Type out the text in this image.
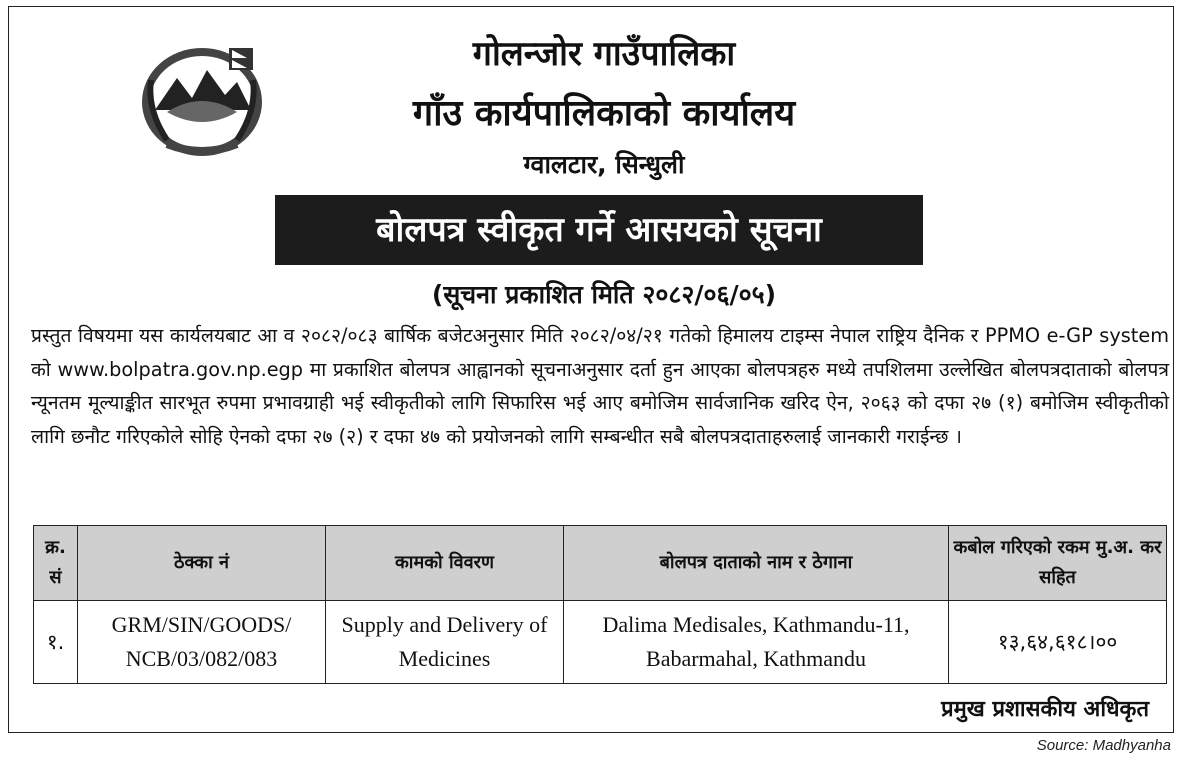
गोलन्जोर गाउँपालिका
गाँउ कार्यपालिकाको कार्यालय
ग्वालटार, सिन्धुली
बोलपत्र स्वीकृत गर्ने आसयको सूचना
(सूचना प्रकाशित मिति २०८२/०६/०५)
प्रस्तुत विषयमा यस कार्यलयबाट आ व २०८२/०८३ बार्षिक बजेटअनुसार मिति २०८२/०४/२१ गतेको हिमालय टाइम्स नेपाल राष्ट्रिय दैनिक र PPMO e-GP system को www.bolpatra.gov.np.egp मा प्रकाशित बोलपत्र आह्वानको सूचनाअनुसार दर्ता हुन आएका बोलपत्रहरु मध्ये तपशिलमा उल्लेखित बोलपत्रदाताको बोलपत्र न्यूनतम मूल्याङ्कीत सारभूत रुपमा प्रभावग्राही भई स्वीकृतीको लागि सिफारिस भई आए बमोजिम सार्वजानिक खरिद ऐन, २०६३ को दफा २७ (१) बमोजिम स्वीकृतीको लागि छनौट गरिएकोले सोहि ऐनको दफा २७ (२) र दफा ४७ को प्रयोजनको लागि सम्बन्धीत सबै बोलपत्रदाताहरुलाई जानकारी गराईन्छ ।
क्र. सं	ठेक्का नं	कामको विवरण	बोलपत्र दाताको नाम र ठेगाना	कबोल गरिएको रकम मु.अ. कर सहित
१.	GRM/SIN/GOODS/ NCB/03/082/083	Supply and Delivery of Medicines	Dalima Medisales, Kathmandu-11, Babarmahal, Kathmandu	१३,६४,६१८।००
प्रमुख प्रशासकीय अधिकृत
Source: Madhyanha
